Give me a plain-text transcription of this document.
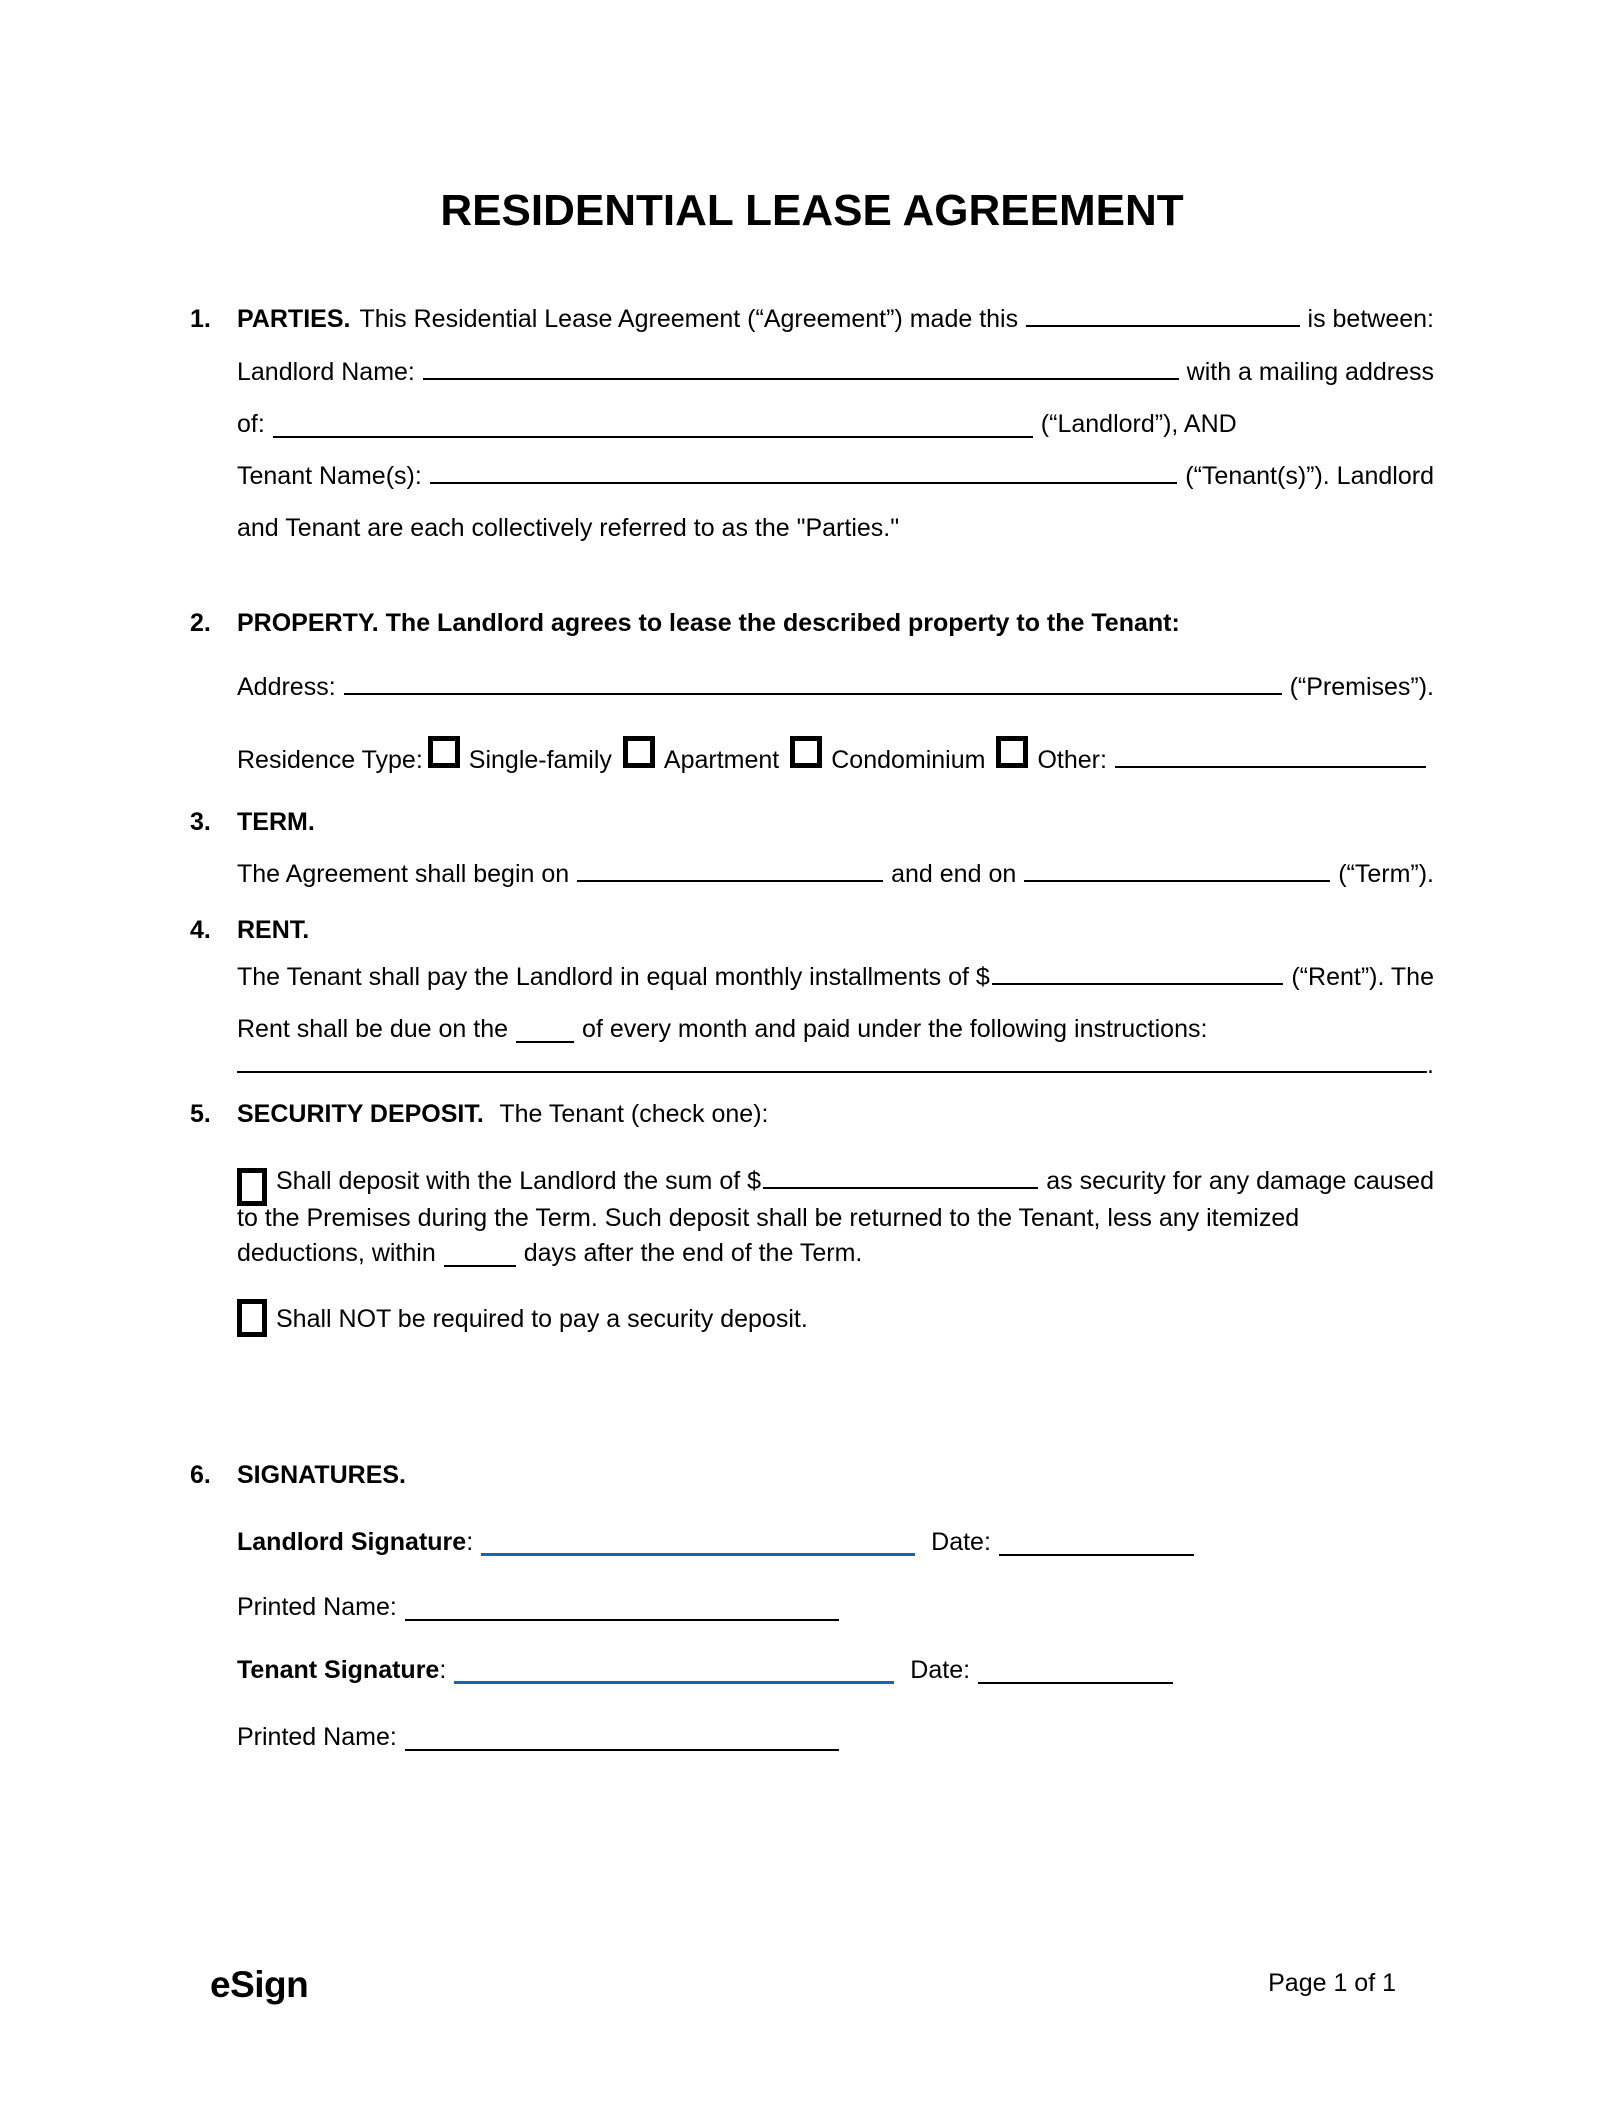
RESIDENTIAL LEASE AGREEMENT
1.	PARTIES. This Residential Lease Agreement (“Agreement”) made this	is between:
Landlord Name:	with a mailing address
of:	(“Landlord”), AND
Tenant Name(s):	(“Tenant(s)”). Landlord
and Tenant are each collectively referred to as the "Parties."
2.	PROPERTY. The Landlord agrees to lease the described property to the Tenant:
Address:	(“Premises”).
Residence Type: Single-family Apartment Condominium Other:
3.	TERM.
The Agreement shall begin on	and end on	(“Term”).
4.	RENT.
The Tenant shall pay the Landlord in equal monthly installments of $	(“Rent”). The
Rent shall be due on the	of every month and paid under the following instructions:
.
5.	SECURITY DEPOSIT. The Tenant (check one):
Shall deposit with the Landlord the sum of $	as security for any damage caused
to the Premises during the Term. Such deposit shall be returned to the Tenant, less any itemized
deductions, within	days after the end of the Term.
Shall NOT be required to pay a security deposit.
6.	SIGNATURES.
Landlord Signature:	Date:
Printed Name:
Tenant Signature:	Date:
Printed Name:
eSign	Page 1 of 1
